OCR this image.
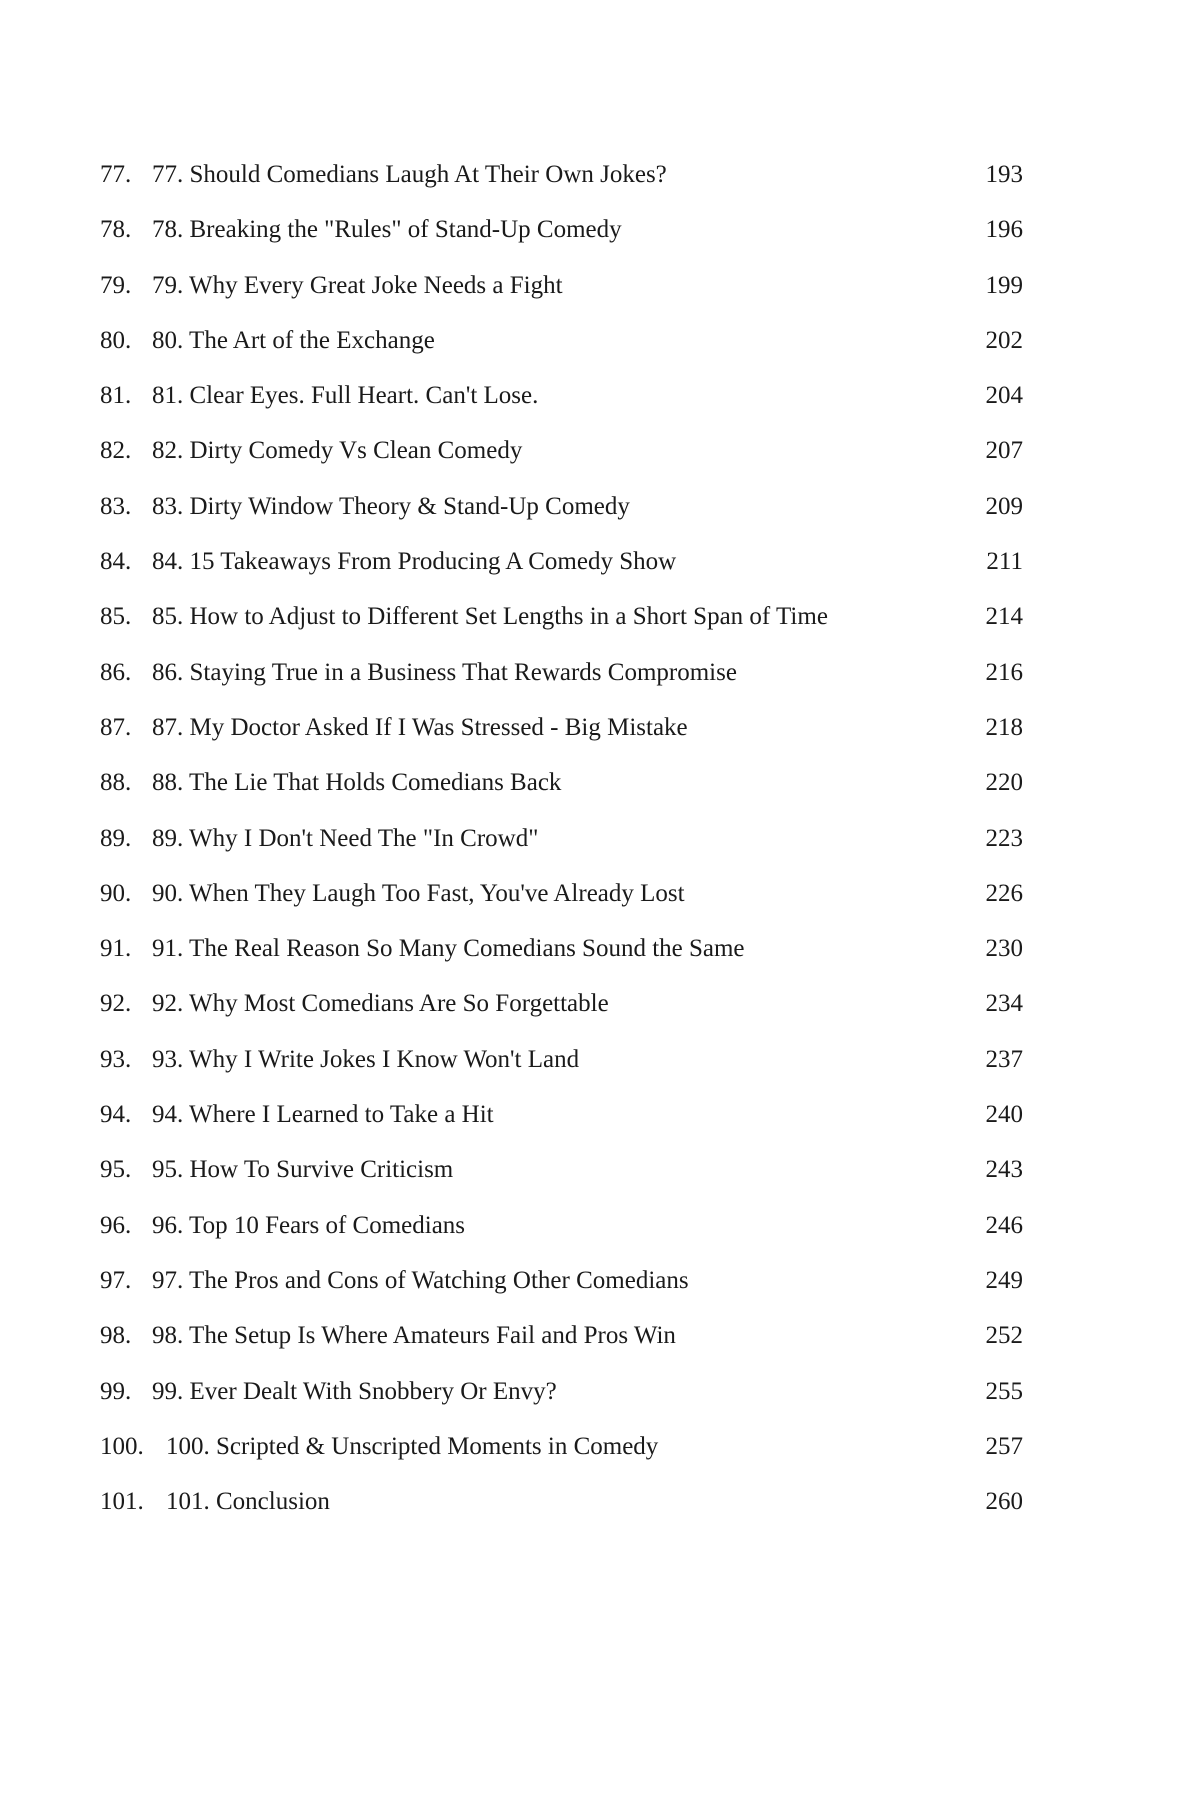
77. 77. Should Comedians Laugh At Their Own Jokes?	193
78. 78. Breaking the "Rules" of Stand-Up Comedy	196
79. 79. Why Every Great Joke Needs a Fight	199
80. 80. The Art of the Exchange	202
81. 81. Clear Eyes. Full Heart. Can't Lose.	204
82. 82. Dirty Comedy Vs Clean Comedy	207
83. 83. Dirty Window Theory & Stand-Up Comedy	209
84. 84. 15 Takeaways From Producing A Comedy Show	211
85. 85. How to Adjust to Different Set Lengths in a Short Span of Time	214
86. 86. Staying True in a Business That Rewards Compromise	216
87. 87. My Doctor Asked If I Was Stressed - Big Mistake	218
88. 88. The Lie That Holds Comedians Back	220
89. 89. Why I Don't Need The "In Crowd"	223
90. 90. When They Laugh Too Fast, You've Already Lost	226
91. 91. The Real Reason So Many Comedians Sound the Same	230
92. 92. Why Most Comedians Are So Forgettable	234
93. 93. Why I Write Jokes I Know Won't Land	237
94. 94. Where I Learned to Take a Hit	240
95. 95. How To Survive Criticism	243
96. 96. Top 10 Fears of Comedians	246
97. 97. The Pros and Cons of Watching Other Comedians	249
98. 98. The Setup Is Where Amateurs Fail and Pros Win	252
99. 99. Ever Dealt With Snobbery Or Envy?	255
100. 100. Scripted & Unscripted Moments in Comedy	257
101. 101. Conclusion	260
